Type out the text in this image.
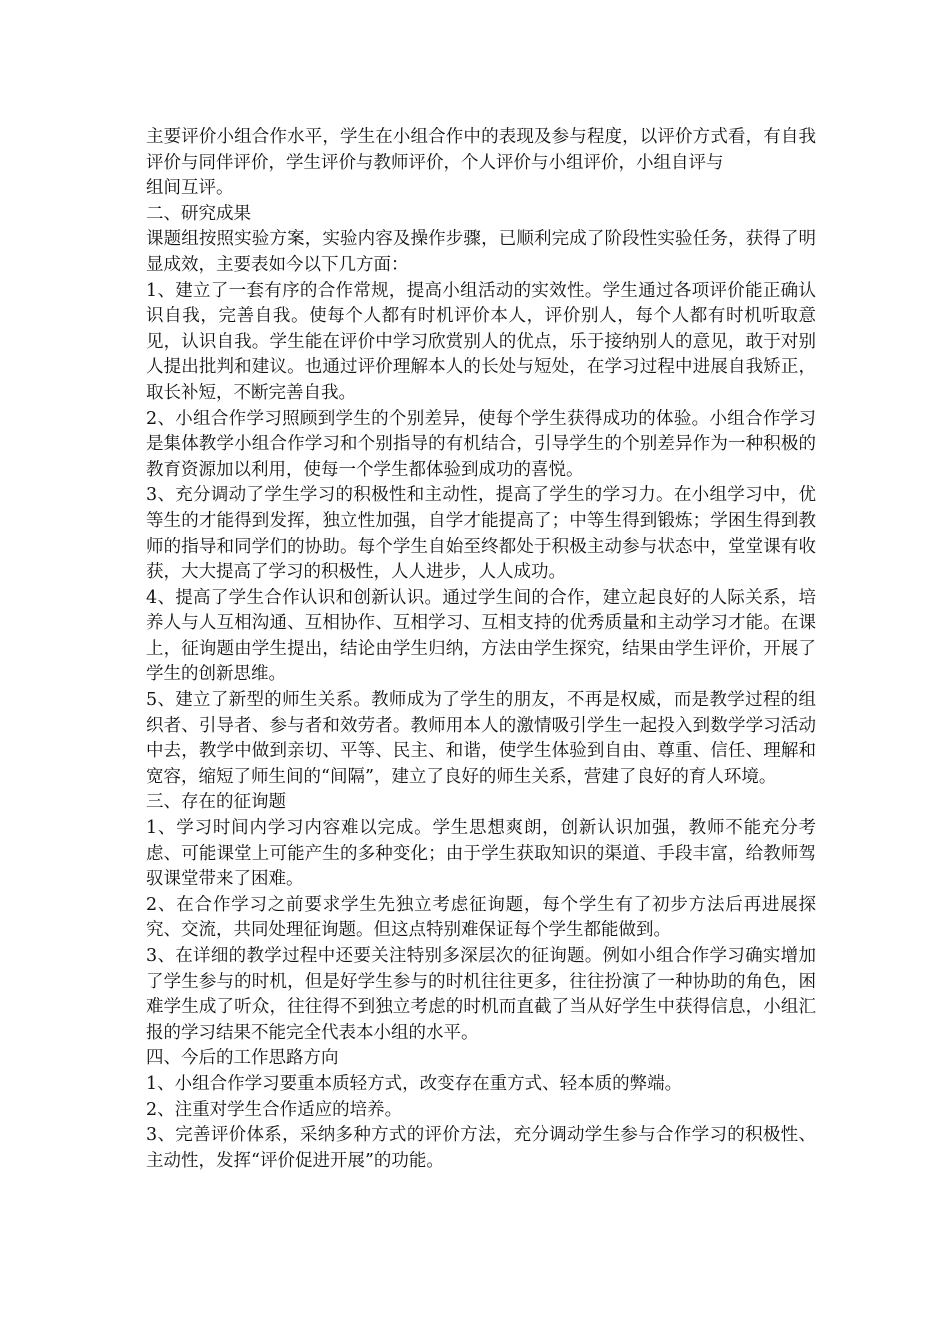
主要评价小组合作水平，学生在小组合作中的表现及参与程度，以评价方式看，有自我评价与同伴评价，学生评价与教师评价，个人评价与小组评价，小组自评与

组间互评。

二、研究成果

课题组按照实验方案，实验内容及操作步骤，已顺利完成了阶段性实验任务，获得了明显成效，主要表如今以下几方面：

1、建立了一套有序的合作常规，提高小组活动的实效性。学生通过各项评价能正确认识自我，完善自我。使每个人都有时机评价本人，评价别人，每个人都有时机听取意见，认识自我。学生能在评价中学习欣赏别人的优点，乐于接纳别人的意见，敢于对别人提出批判和建议。也通过评价理解本人的长处与短处，在学习过程中进展自我矫正，取长补短，不断完善自我。

2、小组合作学习照顾到学生的个别差异，使每个学生获得成功的体验。小组合作学习是集体教学小组合作学习和个别指导的有机结合，引导学生的个别差异作为一种积极的教育资源加以利用，使每一个学生都体验到成功的喜悦。

3、充分调动了学生学习的积极性和主动性，提高了学生的学习力。在小组学习中，优等生的才能得到发挥，独立性加强，自学才能提高了；中等生得到锻炼；学困生得到教师的指导和同学们的协助。每个学生自始至终都处于积极主动参与状态中，堂堂课有收获，大大提高了学习的积极性，人人进步，人人成功。

4、提高了学生合作认识和创新认识。通过学生间的合作，建立起良好的人际关系，培养人与人互相沟通、互相协作、互相学习、互相支持的优秀质量和主动学习才能。在课上，征询题由学生提出，结论由学生归纳，方法由学生探究，结果由学生评价，开展了学生的创新思维。

5、建立了新型的师生关系。教师成为了学生的朋友，不再是权威，而是教学过程的组织者、引导者、参与者和效劳者。教师用本人的激情吸引学生一起投入到数学学习活动中去，教学中做到亲切、平等、民主、和谐，使学生体验到自由、尊重、信任、理解和宽容，缩短了师生间的“间隔”，建立了良好的师生关系，营建了良好的育人环境。

三、存在的征询题

1、学习时间内学习内容难以完成。学生思想爽朗，创新认识加强，教师不能充分考虑、可能课堂上可能产生的多种变化；由于学生获取知识的渠道、手段丰富，给教师驾驭课堂带来了困难。

2、在合作学习之前要求学生先独立考虑征询题，每个学生有了初步方法后再进展探究、交流，共同处理征询题。但这点特别难保证每个学生都能做到。

3、在详细的教学过程中还要关注特别多深层次的征询题。例如小组合作学习确实增加了学生参与的时机，但是好学生参与的时机往往更多，往往扮演了一种协助的角色，困难学生成了听众，往往得不到独立考虑的时机而直截了当从好学生中获得信息，小组汇报的学习结果不能完全代表本小组的水平。

四、今后的工作思路方向

1、小组合作学习要重本质轻方式，改变存在重方式、轻本质的弊端。

2、注重对学生合作适应的培养。

3、完善评价体系，采纳多种方式的评价方法，充分调动学生参与合作学习的积极性、主动性，发挥“评价促进开展”的功能。
